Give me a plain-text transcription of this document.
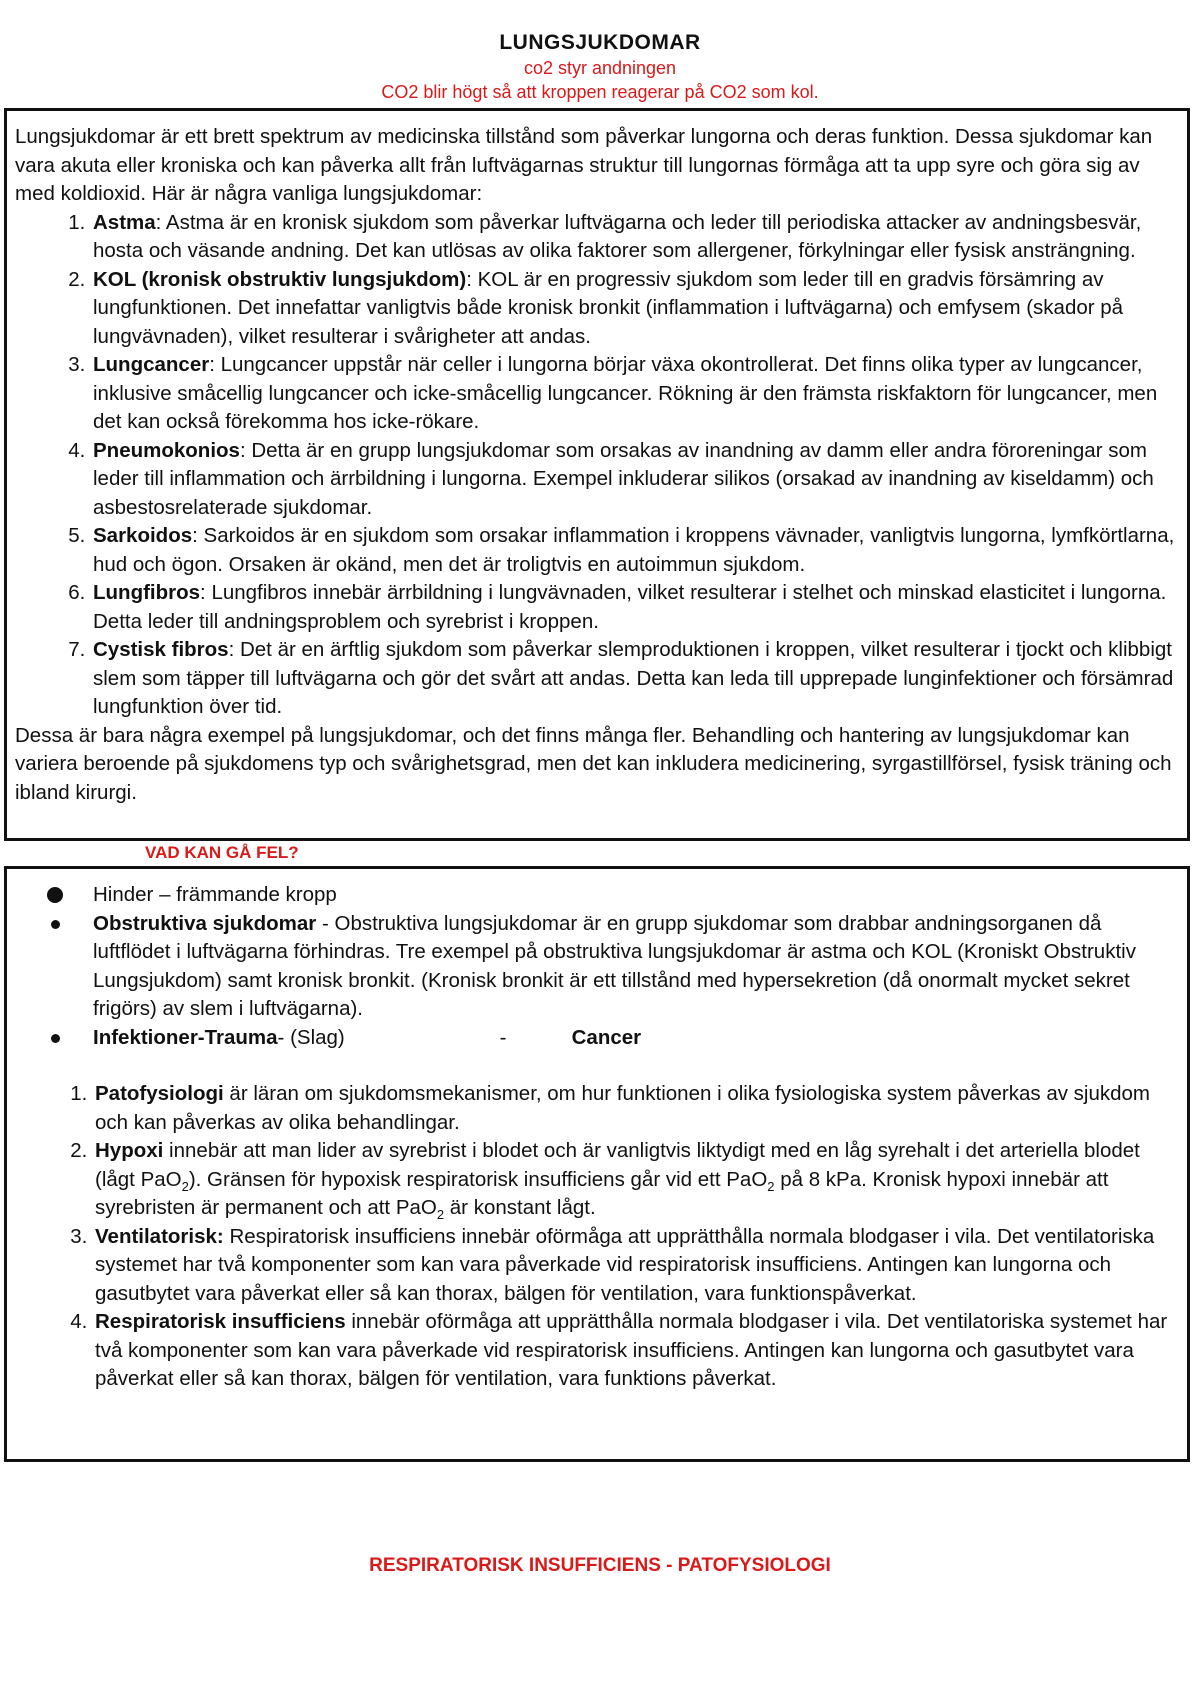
LUNGSJUKDOMAR
co2 styr andningen
CO2 blir högt så att kroppen reagerar på CO2 som kol.

Lungsjukdomar är ett brett spektrum av medicinska tillstånd som påverkar lungorna och deras funktion. Dessa sjukdomar kan vara akuta eller kroniska och kan påverka allt från luftvägarnas struktur till lungornas förmåga att ta upp syre och göra sig av med koldioxid. Här är några vanliga lungsjukdomar:

1. Astma: Astma är en kronisk sjukdom som påverkar luftvägarna och leder till periodiska attacker av andningsbesvär, hosta och väsande andning. Det kan utlösas av olika faktorer som allergener, förkylningar eller fysisk ansträngning.
2. KOL (kronisk obstruktiv lungsjukdom): KOL är en progressiv sjukdom som leder till en gradvis försämring av lungfunktionen. Det innefattar vanligtvis både kronisk bronkit (inflammation i luftvägarna) och emfysem (skador på lungvävnaden), vilket resulterar i svårigheter att andas.
3. Lungcancer: Lungcancer uppstår när celler i lungorna börjar växa okontrollerat. Det finns olika typer av lungcancer, inklusive småcellig lungcancer och icke-småcellig lungcancer. Rökning är den främsta riskfaktorn för lungcancer, men det kan också förekomma hos icke-rökare.
4. Pneumokonios: Detta är en grupp lungsjukdomar som orsakas av inandning av damm eller andra föroreningar som leder till inflammation och ärrbildning i lungorna. Exempel inkluderar silikos (orsakad av inandning av kiseldamm) och asbestosrelaterade sjukdomar.
5. Sarkoidos: Sarkoidos är en sjukdom som orsakar inflammation i kroppens vävnader, vanligtvis lungorna, lymfkörtlarna, hud och ögon. Orsaken är okänd, men det är troligtvis en autoimmun sjukdom.
6. Lungfibros: Lungfibros innebär ärrbildning i lungvävnaden, vilket resulterar i stelhet och minskad elasticitet i lungorna. Detta leder till andningsproblem och syrebrist i kroppen.
7. Cystisk fibros: Det är en ärftlig sjukdom som påverkar slemproduktionen i kroppen, vilket resulterar i tjockt och klibbigt slem som täpper till luftvägarna och gör det svårt att andas. Detta kan leda till upprepade lunginfektioner och försämrad lungfunktion över tid.

Dessa är bara några exempel på lungsjukdomar, och det finns många fler. Behandling och hantering av lungsjukdomar kan variera beroende på sjukdomens typ och svårighetsgrad, men det kan inkludera medicinering, syrgastillförsel, fysisk träning och ibland kirurgi.

VAD KAN GÅ FEL?
Hinder – främmande kropp
Obstruktiva sjukdomar - Obstruktiva lungsjukdomar är en grupp sjukdomar som drabbar andningsorganen då luftflödet i luftvägarna förhindras. Tre exempel på obstruktiva lungsjukdomar är astma och KOL (Kroniskt Obstruktiv Lungsjukdom) samt kronisk bronkit. (Kronisk bronkit är ett tillstånd med hypersekretion (då onormalt mycket sekret frigörs) av slem i luftvägarna).
Infektioner-Trauma- (Slag)	-	Cancer
1. Patofysiologi är läran om sjukdomsmekanismer, om hur funktionen i olika fysiologiska system påverkas av sjukdom och kan påverkas av olika behandlingar.
2. Hypoxi innebär att man lider av syrebrist i blodet och är vanligtvis liktydigt med en låg syrehalt i det arteriella blodet (lågt PaO$_2$). Gränsen för hypoxisk respiratorisk insufficiens går vid ett PaO$_2$ på 8 kPa. Kronisk hypoxi innebär att syrebristen är permanent och att PaO$_2$ är konstant lågt.
3. Ventilatorisk: Respiratorisk insufficiens innebär oförmåga att upprätthålla normala blodgaser i vila. Det ventilatoriska systemet har två komponenter som kan vara påverkade vid respiratorisk insufficiens. Antingen kan lungorna och gasutbytet vara påverkat eller så kan thorax, bälgen för ventilation, vara funktionspåverkat.
4. Respiratorisk insufficiens innebär oförmåga att upprätthålla normala blodgaser i vila. Det ventilatoriska systemet har två komponenter som kan vara påverkade vid respiratorisk insufficiens. Antingen kan lungorna och gasutbytet vara påverkat eller så kan thorax, bälgen för ventilation, vara funktions påverkat.
RESPIRATORISK INSUFFICIENS - PATOFYSIOLOGI
